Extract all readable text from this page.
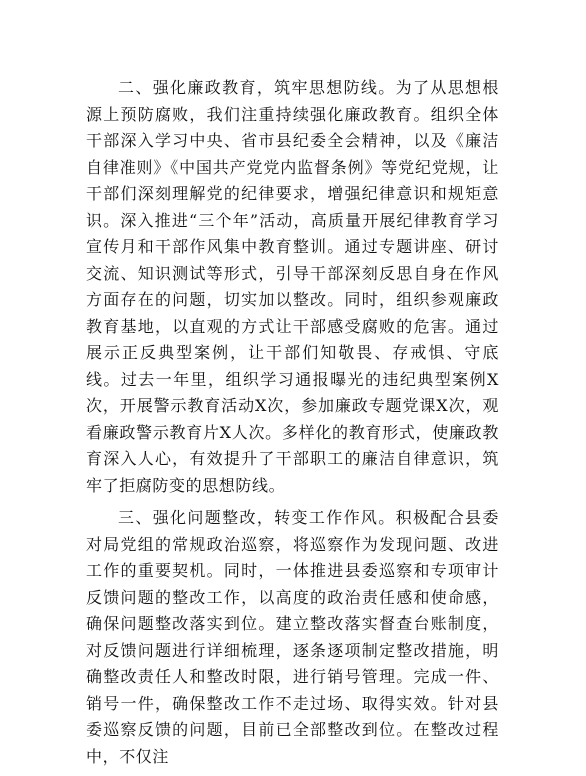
二、强化廉政教育，筑牢思想防线。为了从思想根源上预防腐败，我们注重持续强化廉政教育。组织全体干部深入学习中央、省市县纪委全会精神，以及《廉洁自律准则》《中国共产党党内监督条例》等党纪党规，让干部们深刻理解党的纪律要求，增强纪律意识和规矩意识。深入推进“三个年”活动，高质量开展纪律教育学习宣传月和干部作风集中教育整训。通过专题讲座、研讨交流、知识测试等形式，引导干部深刻反思自身在作风方面存在的问题，切实加以整改。同时，组织参观廉政教育基地，以直观的方式让干部感受腐败的危害。通过展示正反典型案例，让干部们知敬畏、存戒惧、守底线。过去一年里，组织学习通报曝光的违纪典型案例X次，开展警示教育活动X次，参加廉政专题党课X次，观看廉政警示教育片X人次。多样化的教育形式，使廉政教育深入人心，有效提升了干部职工的廉洁自律意识，筑牢了拒腐防变的思想防线。

三、强化问题整改，转变工作作风。积极配合县委对局党组的常规政治巡察，将巡察作为发现问题、改进工作的重要契机。同时，一体推进县委巡察和专项审计反馈问题的整改工作，以高度的政治责任感和使命感，确保问题整改落实到位。建立整改落实督查台账制度，对反馈问题进行详细梳理，逐条逐项制定整改措施，明确整改责任人和整改时限，进行销号管理。完成一件、销号一件，确保整改工作不走过场、取得实效。针对县委巡察反馈的问题，目前已全部整改到位。在整改过程中，不仅注
